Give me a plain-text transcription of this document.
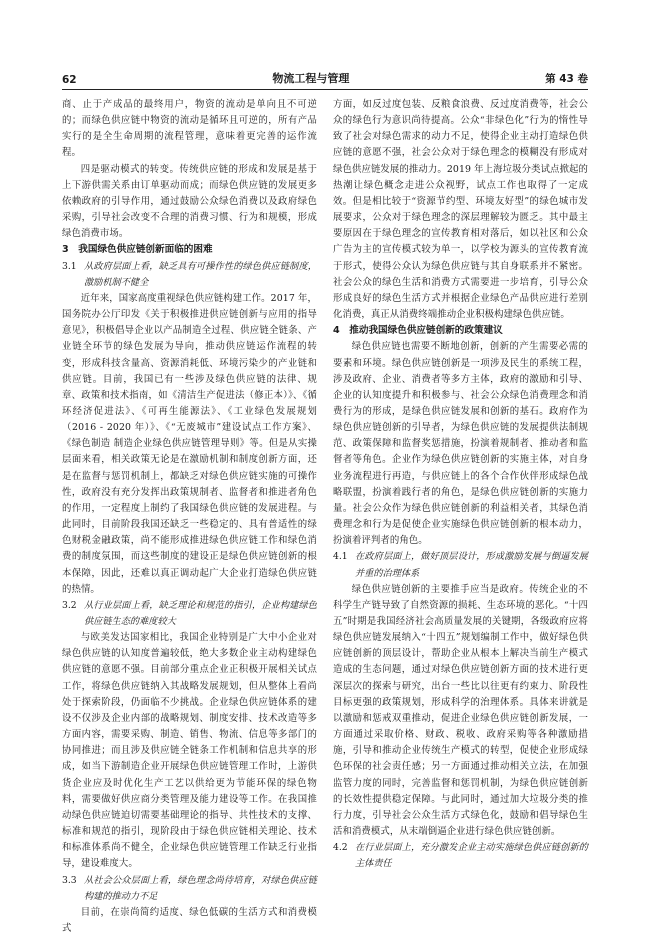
62	物流工程与管理	第 43 卷

商、止于产成品的最终用户，物资的流动是单向且不可逆的；而绿色供应链中物资的流动是循环且可逆的，所有产品实行的是全生命周期的流程管理，意味着更完善的运作流程。

四是驱动模式的转变。传统供应链的形成和发展是基于上下游供需关系由订单驱动而成；而绿色供应链的发展更多依赖政府的引导作用，通过鼓励公众绿色消费以及政府绿色采购，引导社会改变不合理的消费习惯、行为和规模，形成绿色消费市场。

3　我国绿色供应链创新面临的困难
3.1 从政府层面上看，缺乏具有可操作性的绿色供应链制度，激励机制不健全

近年来，国家高度重视绿色供应链构建工作。2017 年，国务院办公厅印发《关于积极推进供应链创新与应用的指导意见》，积极倡导企业以产品制造全过程、供应链全链条、产业链全环节的绿色发展为导向，推动供应链运作流程的转变，形成科技含量高、资源消耗低、环境污染少的产业链和供应链。目前，我国已有一些涉及绿色供应链的法律、规章、政策和技术指南，如《清洁生产促进法（修正本）》、《循环经济促进法》、《可再生能源法》、《工业绿色发展规划（2016 - 2020 年）》、《“无废城市”建设试点工作方案》、《绿色制造 制造企业绿色供应链管理导则》等。但是从实操层面来看，相关政策无论是在激励机制和制度创新方面，还是在监督与惩罚机制上，都缺乏对绿色供应链实施的可操作性，政府没有充分发挥出政策规制者、监督者和推进者角色的作用，一定程度上制约了我国绿色供应链的发展进程。与此同时，目前阶段我国还缺乏一些稳定的、具有普适性的绿色财税金融政策，尚不能形成推进绿色供应链工作和绿色消费的制度氛围，而这些制度的建设正是绿色供应链创新的根本保障，因此，还难以真正调动起广大企业打造绿色供应链的热情。

3.2 从行业层面上看，缺乏理论和规范的指引，企业构建绿色供应链生态的难度较大

与欧美发达国家相比，我国企业特别是广大中小企业对绿色供应链的认知度普遍较低，绝大多数企业主动构建绿色供应链的意愿不强。目前部分重点企业正积极开展相关试点工作，将绿色供应链纳入其战略发展规划，但从整体上看尚处于探索阶段，仍面临不少挑战。企业绿色供应链体系的建设不仅涉及企业内部的战略规划、制度安排、技术改造等多方面内容，需要采购、制造、销售、物流、信息等多部门的协同推进；而且涉及供应链全链条工作机制和信息共享的形成，如当下游制造企业开展绿色供应链管理工作时，上游供货企业应及时优化生产工艺以供给更为节能环保的绿色物料，需要做好供应商分类管理及能力建设等工作。在我国推动绿色供应链迫切需要基础理论的指导、共性技术的支撑、标准和规范的指引，现阶段由于绿色供应链相关理论、技术和标准体系尚不健全，企业绿色供应链管理工作缺乏行业指导，建设难度大。

3.3 从社会公众层面上看，绿色理念尚待培育，对绿色供应链构建的推动力不足

目前，在崇尚简约适度、绿色低碳的生活方式和消费模式

方面，如反过度包装、反粮食浪费、反过度消费等，社会公众的绿色行为意识尚待提高。公众“非绿色化”行为的惰性导致了社会对绿色需求的动力不足，使得企业主动打造绿色供应链的意愿不强，社会公众对于绿色理念的模糊没有形成对绿色供应链发展的推动力。2019 年上海垃圾分类试点掀起的热潮让绿色概念走进公众视野，试点工作也取得了一定成效。但是相比较于“资源节约型、环境友好型”的绿色城市发展要求，公众对于绿色理念的深层理解较为匮乏。其中最主要原因在于绿色理念的宣传教育相对落后，如以社区和公众广告为主的宣传模式较为单一，以学校为源头的宣传教育流于形式，使得公众认为绿色供应链与其自身联系并不紧密。社会公众的绿色生活和消费方式需要进一步培育，引导公众形成良好的绿色生活方式并根据企业绿色产品供应进行差别化消费，真正从消费终端推动企业积极构建绿色供应链。

4　推动我国绿色供应链创新的政策建议

绿色供应链也需要不断地创新，创新的产生需要必需的要素和环境。绿色供应链创新是一项涉及民生的系统工程，涉及政府、企业、消费者等多方主体，政府的激励和引导、企业的认知度提升和积极参与、社会公众绿色消费理念和消费行为的形成，是绿色供应链发展和创新的基石。政府作为绿色供应链创新的引导者，为绿色供应链的发展提供法制规范、政策保障和监督奖惩措施，扮演着规制者、推动者和监督者等角色。企业作为绿色供应链创新的实施主体，对自身业务流程进行再造，与供应链上的各个合作伙伴形成绿色战略联盟，扮演着践行者的角色，是绿色供应链创新的实施力量。社会公众作为绿色供应链创新的利益相关者，其绿色消费理念和行为是促使企业实施绿色供应链创新的根本动力，扮演着评判者的角色。

4.1 在政府层面上，做好顶层设计，形成激励发展与倒逼发展并重的治理体系

绿色供应链创新的主要推手应当是政府。传统企业的不科学生产链导致了自然资源的损耗、生态环境的恶化。“十四五”时期是我国经济社会高质量发展的关键期，各级政府应将绿色供应链发展纳入“十四五”规划编制工作中，做好绿色供应链创新的顶层设计，帮助企业从根本上解决当前生产模式造成的生态问题，通过对绿色供应链创新方面的技术进行更深层次的探索与研究，出台一些比以往更有约束力、阶段性目标更强的政策规划，形成科学的治理体系。具体来讲就是以激励和惩戒双重推动，促进企业绿色供应链创新发展，一方面通过采取价格、财政、税收、政府采购等各种激励措施，引导和推动企业传统生产模式的转型，促使企业形成绿色环保的社会责任感；另一方面通过推动相关立法，在加强监管力度的同时，完善监督和惩罚机制，为绿色供应链创新的长效性提供稳定保障。与此同时，通过加大垃圾分类的推行力度，引导社会公众生活方式绿色化，鼓励和倡导绿色生活和消费模式，从末端倒逼企业进行绿色供应链创新。

4.2 在行业层面上，充分激发企业主动实施绿色供应链创新的主体责任
